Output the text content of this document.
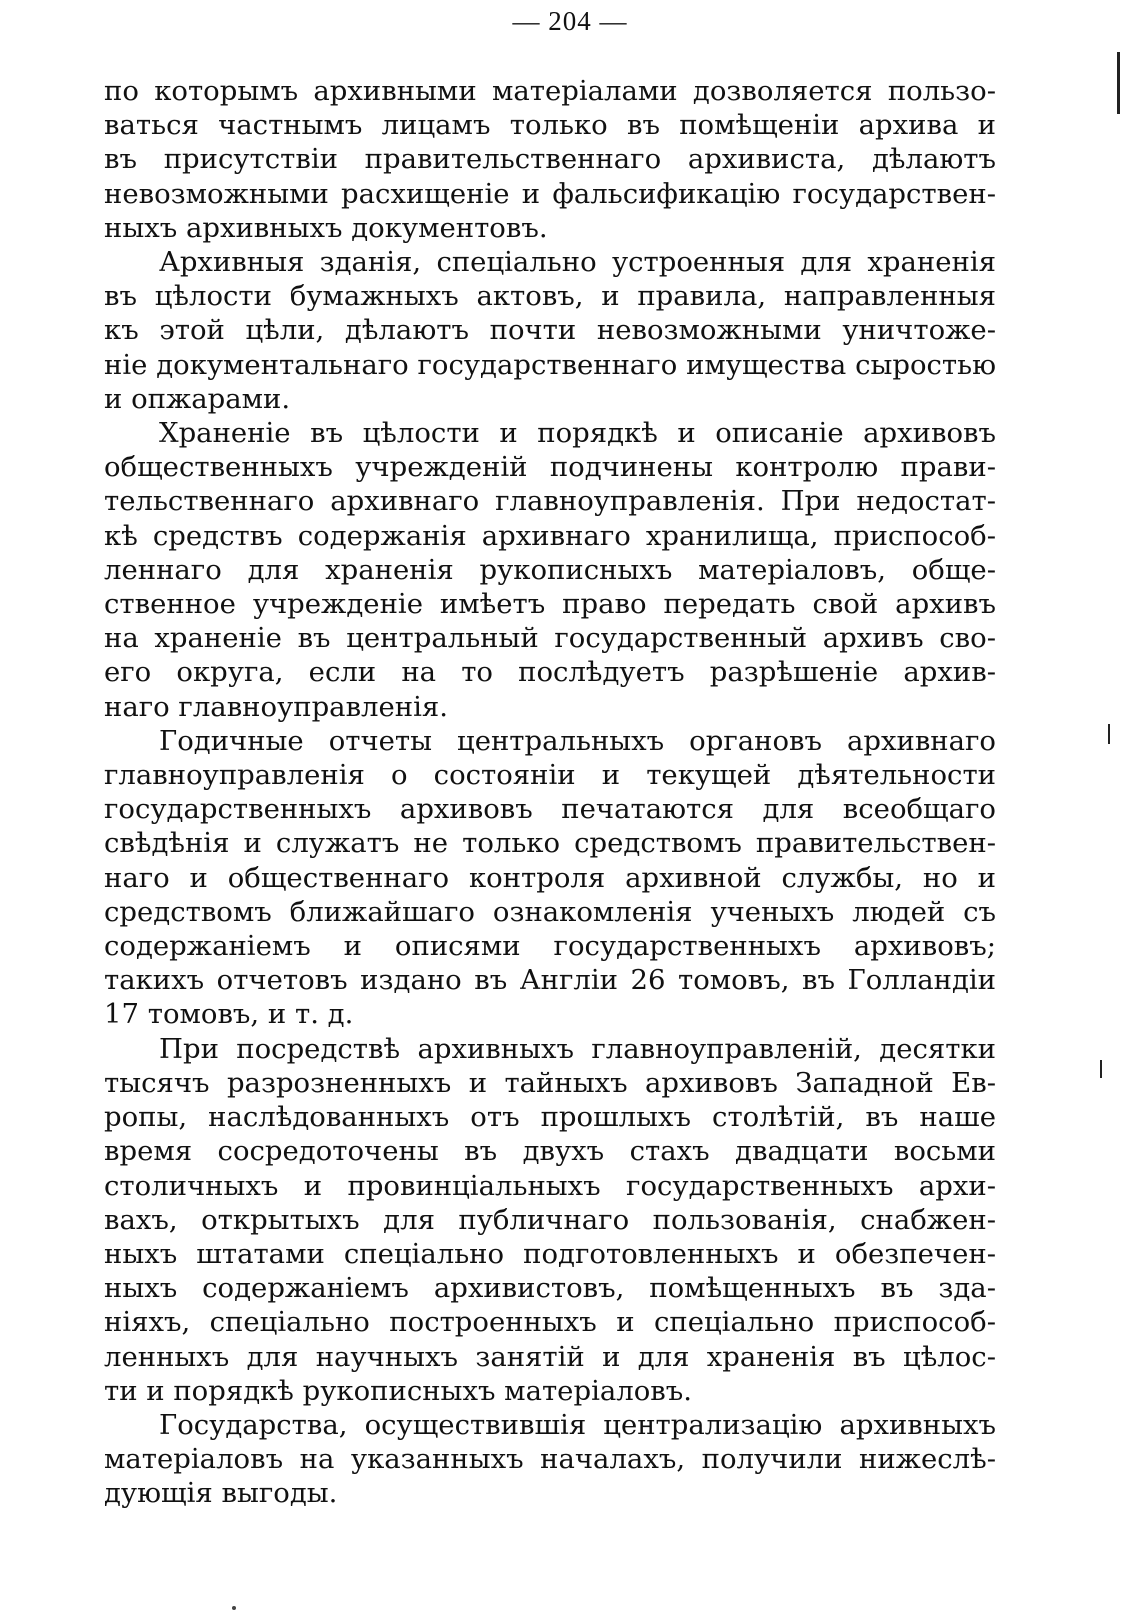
— 204 —
по которымъ архивными матеріалами дозволяется пользо-
ваться частнымъ лицамъ только въ помѣщеніи архива и
въ присутствіи правительственнаго архивиста, дѣлаютъ
невозможными расхищеніе и фальсификацію государствен-
ныхъ архивныхъ документовъ.
Архивныя зданія, спеціально устроенныя для храненія
въ цѣлости бумажныхъ актовъ, и правила, направленныя
къ этой цѣли, дѣлаютъ почти невозможными уничтоже-
ніе документальнаго государственнаго имущества сыростью
и опжарами.
Храненіе въ цѣлости и порядкѣ и описаніе архивовъ
общественныхъ учрежденій подчинены контролю прави-
тельственнаго архивнаго главноуправленія. При недостат-
кѣ средствъ содержанія архивнаго хранилища, приспособ-
леннаго для храненія рукописныхъ матеріаловъ, обще-
ственное учрежденіе имѣетъ право передать свой архивъ
на храненіе въ центральный государственный архивъ сво-
его округа, если на то послѣдуетъ разрѣшеніе архив-
наго главноуправленія.
Годичные отчеты центральныхъ органовъ архивнаго
главноуправленія о состояніи и текущей дѣятельности
государственныхъ архивовъ печатаются для всеобщаго
свѣдѣнія и служатъ не только средствомъ правительствен-
наго и общественнаго контроля архивной службы, но и
средствомъ ближайшаго ознакомленія ученыхъ людей съ
содержаніемъ и описями государственныхъ архивовъ;
такихъ отчетовъ издано въ Англіи 26 томовъ, въ Голландіи
17 томовъ, и т. д.
При посредствѣ архивныхъ главноуправленій, десятки
тысячъ разрозненныхъ и тайныхъ архивовъ Западной Ев-
ропы, наслѣдованныхъ отъ прошлыхъ столѣтій, въ наше
время сосредоточены въ двухъ стахъ двадцати восьми
столичныхъ и провинціальныхъ государственныхъ архи-
вахъ, открытыхъ для публичнаго пользованія, снабжен-
ныхъ штатами спеціально подготовленныхъ и обезпечен-
ныхъ содержаніемъ архивистовъ, помѣщенныхъ въ зда-
ніяхъ, спеціально построенныхъ и спеціально приспособ-
ленныхъ для научныхъ занятій и для храненія въ цѣлос-
ти и порядкѣ рукописныхъ матеріаловъ.
Государства, осуществившія централизацію архивныхъ
матеріаловъ на указанныхъ началахъ, получили нижеслѣ-
дующія выгоды.
